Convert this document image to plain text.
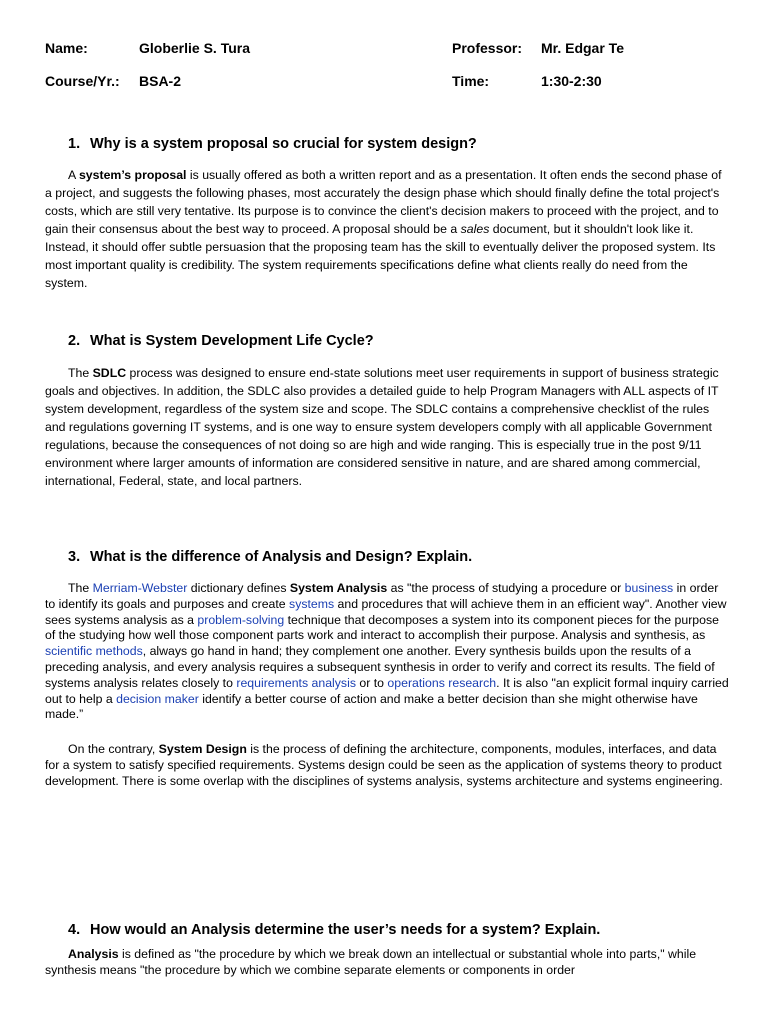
Name:	Globerlie S. Tura	Professor: Mr. Edgar Te
Course/Yr.: BSA-2	Time:	1:30-2:30
1. Why is a system proposal so crucial for system design?

A system’s proposal is usually offered as both a written report and as a presentation. It often ends the second phase of a project, and suggests the following phases, most accurately the design phase which should finally define the total project's costs, which are still very tentative. Its purpose is to convince the client's decision makers to proceed with the project, and to gain their consensus about the best way to proceed. A proposal should be a sales document, but it shouldn't look like it. Instead, it should offer subtle persuasion that the proposing team has the skill to eventually deliver the proposed system. Its most important quality is credibility. The system requirements specifications define what clients really do need from the system.

2. What is System Development Life Cycle?

The SDLC process was designed to ensure end-state solutions meet user requirements in support of business strategic goals and objectives. In addition, the SDLC also provides a detailed guide to help Program Managers with ALL aspects of IT system development, regardless of the system size and scope. The SDLC contains a comprehensive checklist of the rules and regulations governing IT systems, and is one way to ensure system developers comply with all applicable Government regulations, because the consequences of not doing so are high and wide ranging. This is especially true in the post 9/11 environment where larger amounts of information are considered sensitive in nature, and are shared among commercial, international, Federal, state, and local partners.

3. What is the difference of Analysis and Design? Explain.

The Merriam-Webster dictionary defines System Analysis as "the process of studying a procedure or business in order to identify its goals and purposes and create systems and procedures that will achieve them in an efficient way". Another view sees systems analysis as a problem-solving technique that decomposes a system into its component pieces for the purpose of the studying how well those component parts work and interact to accomplish their purpose. Analysis and synthesis, as scientific methods, always go hand in hand; they complement one another. Every synthesis builds upon the results of a preceding analysis, and every analysis requires a subsequent synthesis in order to verify and correct its results. The field of systems analysis relates closely to requirements analysis or to operations research. It is also "an explicit formal inquiry carried out to help a decision maker identify a better course of action and make a better decision than she might otherwise have made.”

On the contrary, System Design is the process of defining the architecture, components, modules, interfaces, and data for a system to satisfy specified requirements. Systems design could be seen as the application of systems theory to product development. There is some overlap with the disciplines of systems analysis, systems architecture and systems engineering.

4. How would an Analysis determine the user’s needs for a system? Explain.

Analysis is defined as "the procedure by which we break down an intellectual or substantial whole into parts," while synthesis means "the procedure by which we combine separate elements or components in order
